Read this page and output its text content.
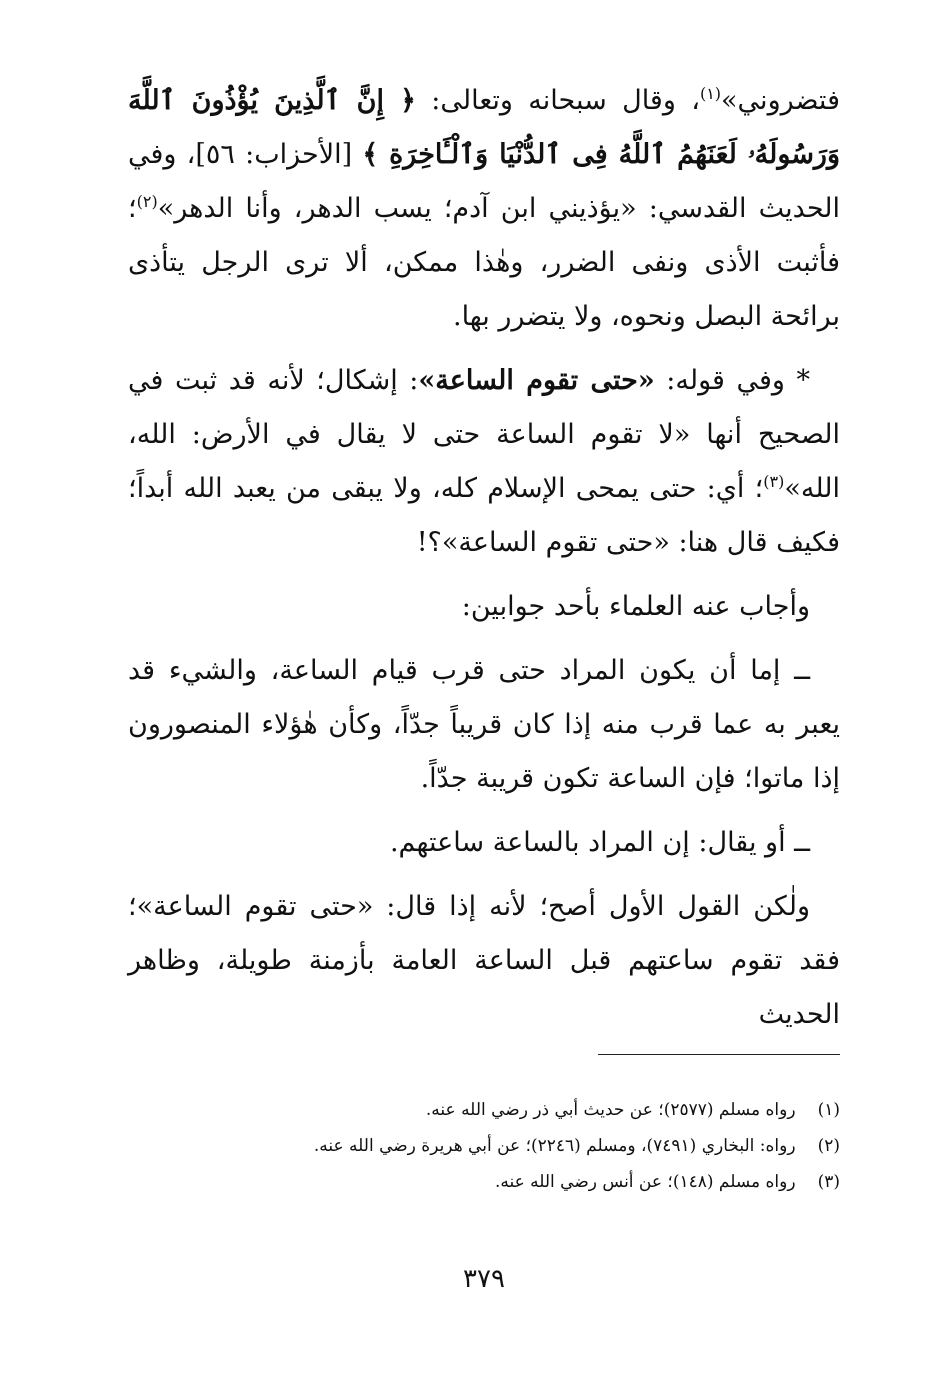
فتضروني»$^{(١)}$، وقال سبحانه وتعالى: ﴿ إِنَّ ٱلَّذِينَ يُؤْذُونَ ٱللَّهَ وَرَسُولَهُۥ لَعَنَهُمُ ٱللَّهُ فِى ٱلدُّنْيَا وَٱلْـَٔاخِرَةِ ﴾ [الأحزاب: ٥٦]، وفي الحديث القدسي: «يؤذيني ابن آدم؛ يسب الدهر، وأنا الدهر»$^{(٢)}$؛ فأثبت الأذى ونفى الضرر، وهٰذا ممكن، ألا ترى الرجل يتأذى برائحة البصل ونحوه، ولا يتضرر بها.

* وفي قوله: «حتى تقوم الساعة»: إشكال؛ لأنه قد ثبت في الصحيح أنها «لا تقوم الساعة حتى لا يقال في الأرض: الله، الله»$^{(٣)}$؛ أي: حتى يمحى الإسلام كله، ولا يبقى من يعبد الله أبداً؛ فكيف قال هنا: «حتى تقوم الساعة»؟!

وأجاب عنه العلماء بأحد جوابين:

ــ إما أن يكون المراد حتى قرب قيام الساعة، والشيء قد يعبر به عما قرب منه إذا كان قريباً جدّاً، وكأن هٰؤلاء المنصورون إذا ماتوا؛ فإن الساعة تكون قريبة جدّاً.

ــ أو يقال: إن المراد بالساعة ساعتهم.

ولٰكن القول الأول أصح؛ لأنه إذا قال: «حتى تقوم الساعة»؛ فقد تقوم ساعتهم قبل الساعة العامة بأزمنة طويلة، وظاهر الحديث

(١)رواه مسلم (٢٥٧٧)؛ عن حديث أبي ذر رضي الله عنه.

(٢)رواه: البخاري (٧٤٩١)، ومسلم (٢٢٤٦)؛ عن أبي هريرة رضي الله عنه.

(٣)رواه مسلم (١٤٨)؛ عن أنس رضي الله عنه.

٣٧٩
